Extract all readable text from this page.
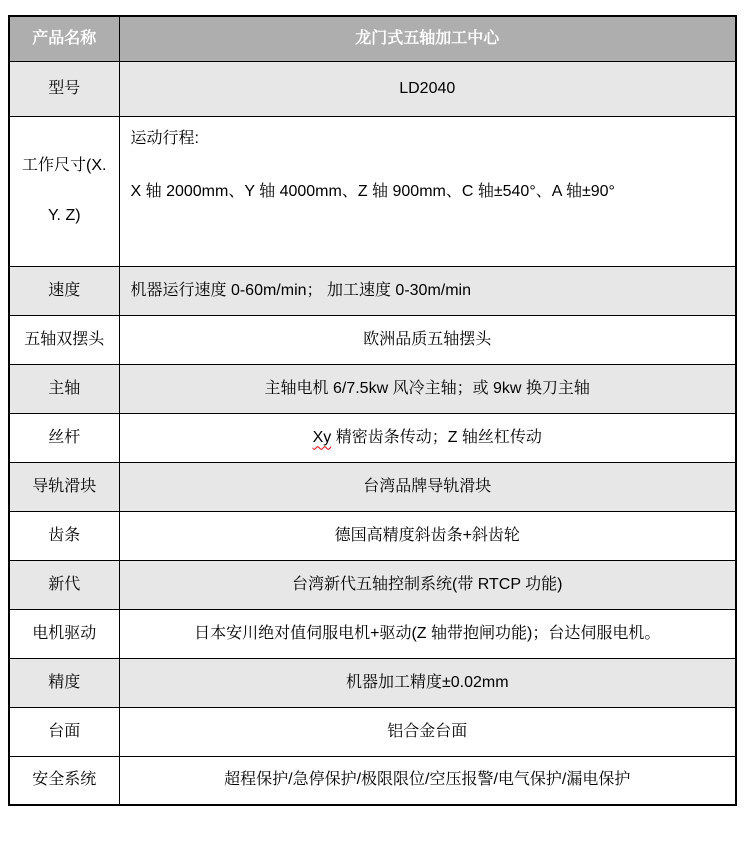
产品名称	龙门式五轴加工中心
型号	LD2040
工作尺寸(X. Y. Z)	运动行程:

X 轴 2000mm、Y 轴 4000mm、Z 轴 900mm、C 轴±540°、A 轴±90°

速度	机器运行速度 0-60m/min； 加工速度 0-30m/min
五轴双摆头	欧洲品质五轴摆头
主轴	主轴电机 6/7.5kw 风冷主轴；或 9kw 换刀主轴
丝杆	Xy 精密齿条传动；Z 轴丝杠传动
导轨滑块	台湾品牌导轨滑块
齿条	德国高精度斜齿条+斜齿轮
新代	台湾新代五轴控制系统(带 RTCP 功能)
电机驱动	日本安川绝对值伺服电机+驱动(Z 轴带抱闸功能)；台达伺服电机。
精度	机器加工精度±0.02mm
台面	铝合金台面
安全系统	超程保护/急停保护/极限限位/空压报警/电气保护/漏电保护
